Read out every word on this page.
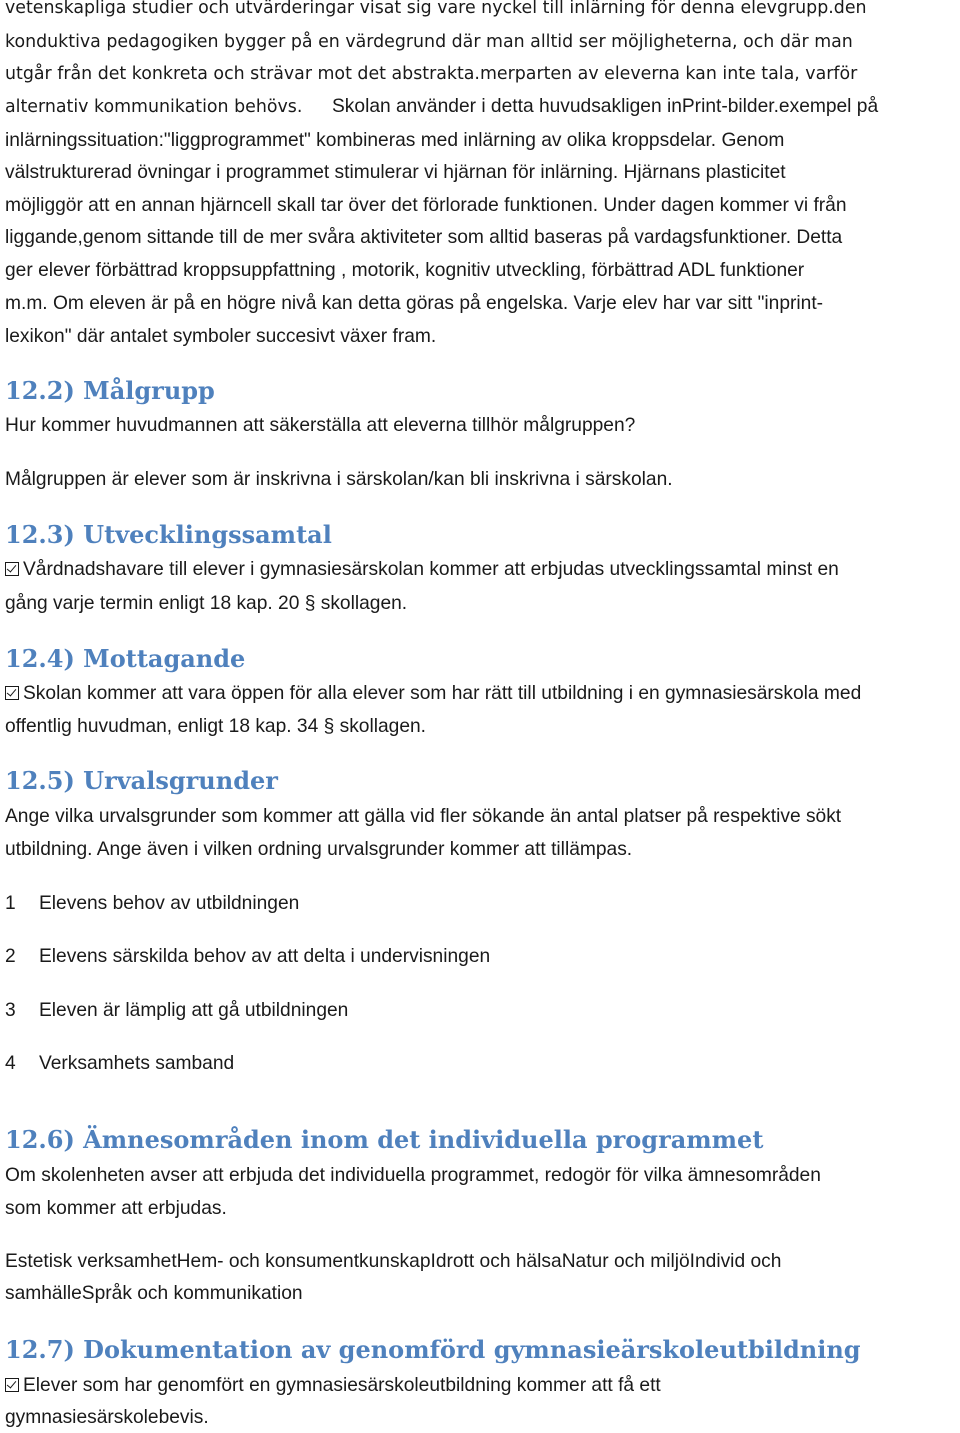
vetenskapliga studier och utvärderingar visat sig vare nyckel till inlärning för denna elevgrupp.den
konduktiva pedagogiken bygger på en värdegrund där man alltid ser möjligheterna, och där man
utgår från det konkreta och strävar mot det abstrakta.merparten av eleverna kan inte tala, varför
alternativ kommunikation behövs.	Skolan använder i detta huvudsakligen inPrint-bilder.exempel på
inlärningssituation:"liggprogrammet" kombineras med inlärning av olika kroppsdelar. Genom
välstrukturerad övningar i programmet stimulerar vi hjärnan för inlärning. Hjärnans plasticitet
möjliggör att en annan hjärncell skall tar över det förlorade funktionen. Under dagen kommer vi från
liggande,genom sittande till de mer svåra aktiviteter som alltid baseras på vardagsfunktioner. Detta
ger elever förbättrad kroppsuppfattning , motorik, kognitiv utveckling, förbättrad ADL funktioner
m.m. Om eleven är på en högre nivå kan detta göras på engelska. Varje elev har var sitt "inprint-
lexikon" där antalet symboler succesivt växer fram.
12.2) Målgrupp
Hur kommer huvudmannen att säkerställa att eleverna tillhör målgruppen?
Målgruppen är elever som är inskrivna i särskolan/kan bli inskrivna i särskolan.
12.3) Utvecklingssamtal
Vårdnadshavare till elever i gymnasiesärskolan kommer att erbjudas utvecklingssamtal minst en
gång varje termin enligt 18 kap. 20 § skollagen.
12.4) Mottagande
Skolan kommer att vara öppen för alla elever som har rätt till utbildning i en gymnasiesärskola med
offentlig huvudman, enligt 18 kap. 34 § skollagen.
12.5) Urvalsgrunder
Ange vilka urvalsgrunder som kommer att gälla vid fler sökande än antal platser på respektive sökt
utbildning. Ange även i vilken ordning urvalsgrunder kommer att tillämpas.
1 Elevens behov av utbildningen
2 Elevens särskilda behov av att delta i undervisningen
3 Eleven är lämplig att gå utbildningen
4 Verksamhets samband
12.6) Ämnesområden inom det individuella programmet
Om skolenheten avser att erbjuda det individuella programmet, redogör för vilka ämnesområden
som kommer att erbjudas.
Estetisk verksamhetHem- och konsumentkunskapIdrott och hälsaNatur och miljöIndivid och
samhälleSpråk och kommunikation
12.7) Dokumentation av genomförd gymnasieärskoleutbildning
Elever som har genomfört en gymnasiesärskoleutbildning kommer att få ett
gymnasiesärskolebevis.
